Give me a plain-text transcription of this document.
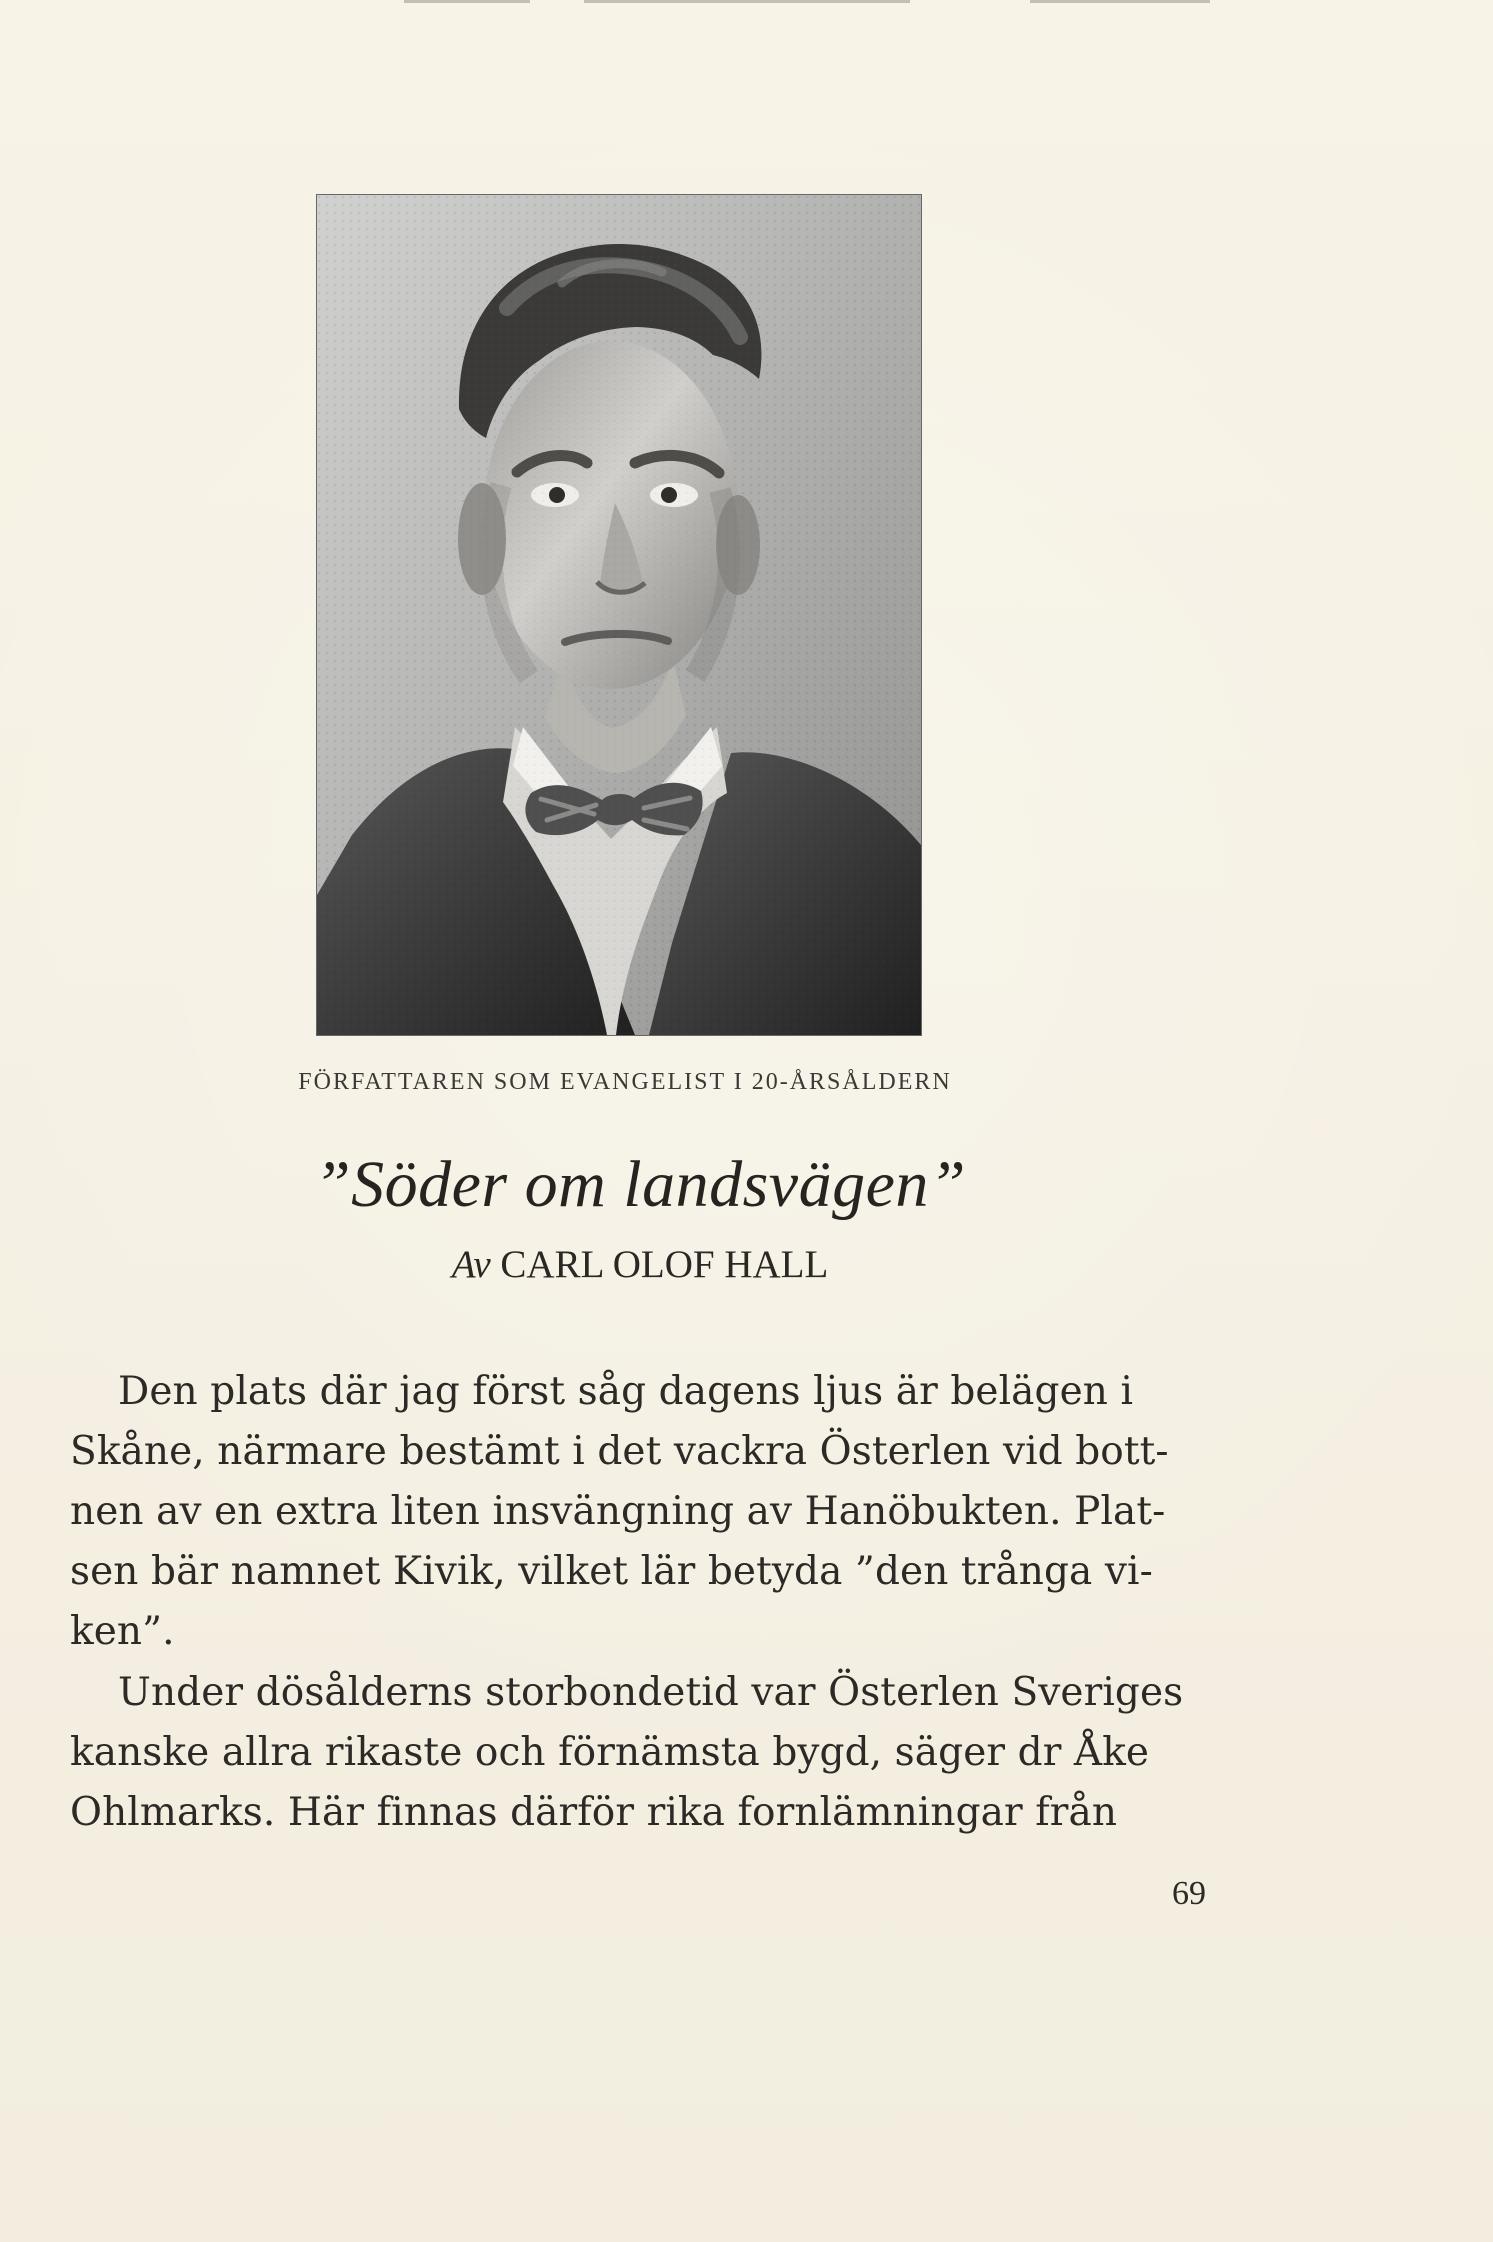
FÖRFATTAREN SOM EVANGELIST I 20-ÅRSÅLDERN
”Söder om landsvägen”
Av CARL OLOF HALL
Den plats där jag först såg dagens ljus är belägen i
Skåne, närmare bestämt i det vackra Österlen vid bott-
nen av en extra liten insvängning av Hanöbukten. Plat-
sen bär namnet Kivik, vilket lär betyda ”den trånga vi-
ken”.
Under dösålderns storbondetid var Österlen Sveriges
kanske allra rikaste och förnämsta bygd, säger dr Åke
Ohlmarks. Här finnas därför rika fornlämningar från
69
